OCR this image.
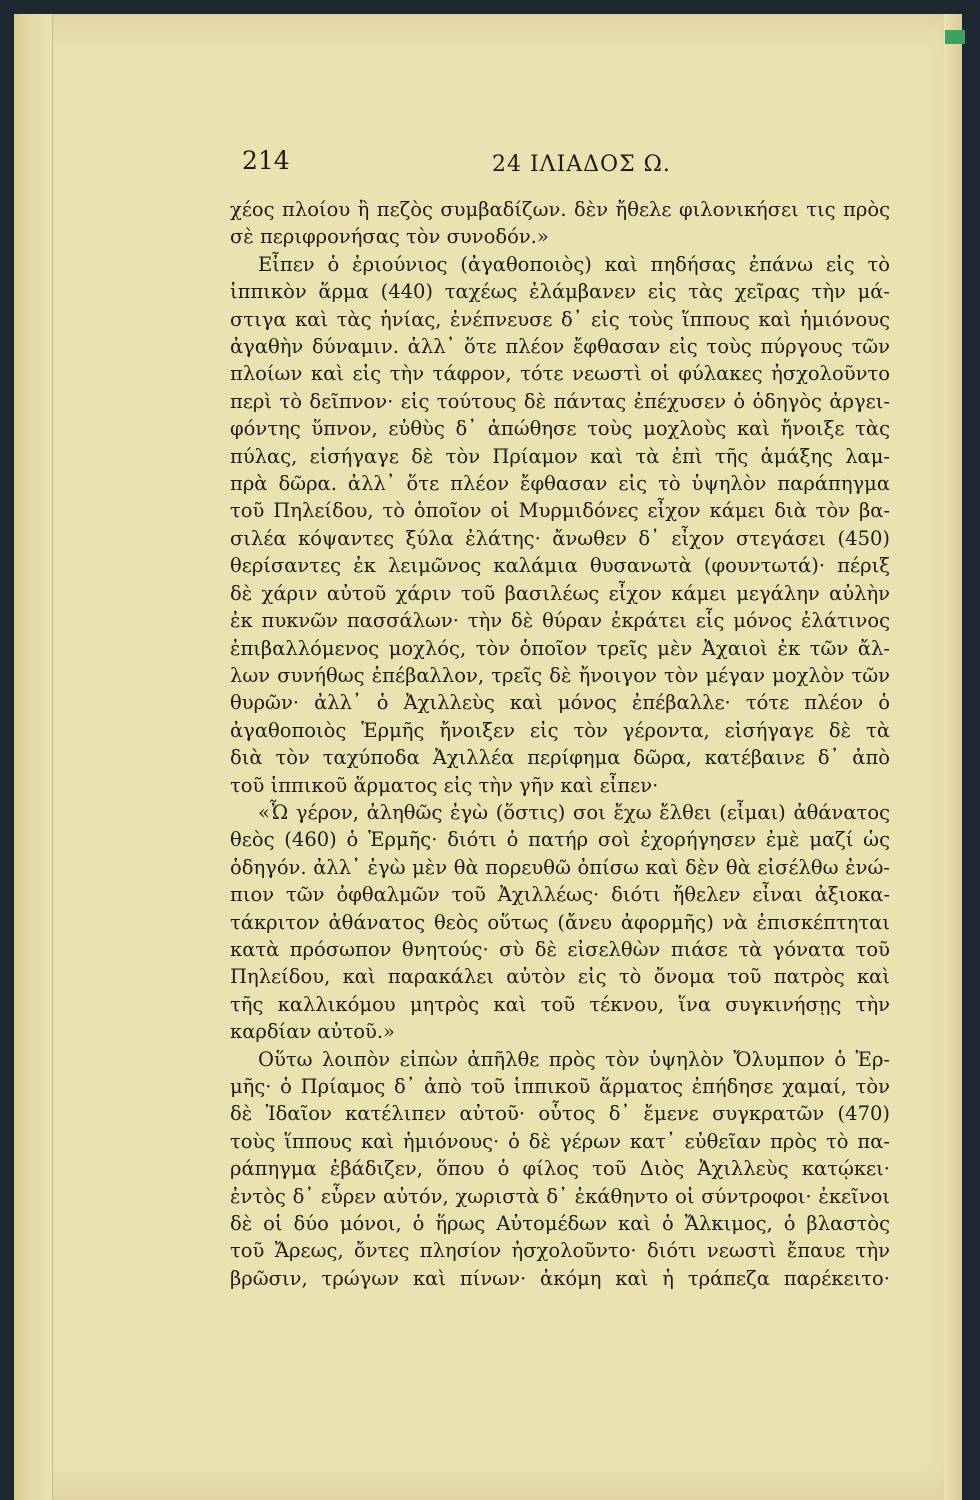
214	24 ΙΛΙΑΔΟΣ Ω.
χέος πλοίου ἢ πεζὸς συμβαδίζων. δὲν ἤθελε φιλονικήσει τις πρὸς
σὲ περιφρονήσας τὸν συνοδόν.»
Εἶπεν ὁ ἐριούνιος (ἀγαθοποιὸς) καὶ πηδήσας ἐπάνω εἰς τὸ
ἱππικὸν ἅρμα (440) ταχέως ἐλάμβανεν εἰς τὰς χεῖρας τὴν μά-
στιγα καὶ τὰς ἡνίας, ἐνέπνευσε δ᾽ εἰς τοὺς ἵππους καὶ ἡμιόνους
ἀγαθὴν δύναμιν. ἀλλ᾽ ὅτε πλέον ἔφθασαν εἰς τοὺς πύργους τῶν
πλοίων καὶ εἰς τὴν τάφρον, τότε νεωστὶ οἱ φύλακες ἠσχολοῦντο
περὶ τὸ δεῖπνον· εἰς τούτους δὲ πάντας ἐπέχυσεν ὁ ὁδηγὸς ἀργει-
φόντης ὕπνον, εὐθὺς δ᾽ ἀπώθησε τοὺς μοχλοὺς καὶ ἤνοιξε τὰς
πύλας, εἰσήγαγε δὲ τὸν Πρίαμον καὶ τὰ ἐπὶ τῆς ἁμάξης λαμ-
πρὰ δῶρα. ἀλλ᾽ ὅτε πλέον ἔφθασαν εἰς τὸ ὑψηλὸν παράπηγμα
τοῦ Πηλείδου, τὸ ὁποῖον οἱ Μυρμιδόνες εἶχον κάμει διὰ τὸν βα-
σιλέα κόψαντες ξύλα ἐλάτης· ἄνωθεν δ᾽ εἶχον στεγάσει (450)
θερίσαντες ἐκ λειμῶνος καλάμια θυσανωτὰ (φουντωτά)· πέριξ
δὲ χάριν αὐτοῦ χάριν τοῦ βασιλέως εἶχον κάμει μεγάλην αὐλὴν
ἐκ πυκνῶν πασσάλων· τὴν δὲ θύραν ἐκράτει εἷς μόνος ἐλάτινος
ἐπιβαλλόμενος μοχλός, τὸν ὁποῖον τρεῖς μὲν Ἀχαιοὶ ἐκ τῶν ἄλ-
λων συνήθως ἐπέβαλλον, τρεῖς δὲ ἤνοιγον τὸν μέγαν μοχλὸν τῶν
θυρῶν· ἀλλ᾽ ὁ Ἀχιλλεὺς καὶ μόνος ἐπέβαλλε· τότε πλέον ὁ
ἀγαθοποιὸς Ἑρμῆς ἤνοιξεν εἰς τὸν γέροντα, εἰσήγαγε δὲ τὰ
διὰ τὸν ταχύποδα Ἀχιλλέα περίφημα δῶρα, κατέβαινε δ᾽ ἀπὸ
τοῦ ἱππικοῦ ἅρματος εἰς τὴν γῆν καὶ εἶπεν·
«Ὦ γέρον, ἀληθῶς ἐγὼ (ὅστις) σοι ἔχω ἔλθει (εἶμαι) ἀθάνατος
θεὸς (460) ὁ Ἑρμῆς· διότι ὁ πατήρ σοὶ ἐχορήγησεν ἐμὲ μαζί ὡς
ὁδηγόν. ἀλλ᾽ ἐγὼ μὲν θὰ πορευθῶ ὀπίσω καὶ δὲν θὰ εἰσέλθω ἐνώ-
πιον τῶν ὀφθαλμῶν τοῦ Ἀχιλλέως· διότι ἤθελεν εἶναι ἀξιοκα-
τάκριτον ἀθάνατος θεὸς οὕτως (ἄνευ ἀφορμῆς) νὰ ἐπισκέπτηται
κατὰ πρόσωπον θνητούς· σὺ δὲ εἰσελθὼν πιάσε τὰ γόνατα τοῦ
Πηλείδου, καὶ παρακάλει αὐτὸν εἰς τὸ ὄνομα τοῦ πατρὸς καὶ
τῆς καλλικόμου μητρὸς καὶ τοῦ τέκνου, ἵνα συγκινήσῃς τὴν
καρδίαν αὐτοῦ.»
Οὕτω λοιπὸν εἰπὼν ἀπῆλθε πρὸς τὸν ὑψηλὸν Ὄλυμπον ὁ Ἑρ-
μῆς· ὁ Πρίαμος δ᾽ ἀπὸ τοῦ ἱππικοῦ ἅρματος ἐπήδησε χαμαί, τὸν
δὲ Ἰδαῖον κατέλιπεν αὐτοῦ· οὗτος δ᾽ ἔμενε συγκρατῶν (470)
τοὺς ἵππους καὶ ἡμιόνους· ὁ δὲ γέρων κατ᾽ εὐθεῖαν πρὸς τὸ πα-
ράπηγμα ἐβάδιζεν, ὅπου ὁ φίλος τοῦ Διὸς Ἀχιλλεὺς κατῴκει·
ἐντὸς δ᾽ εὗρεν αὐτόν, χωριστὰ δ᾽ ἐκάθηντο οἱ σύντροφοι· ἐκεῖνοι
δὲ οἱ δύο μόνοι, ὁ ἥρως Αὐτομέδων καὶ ὁ Ἄλκιμος, ὁ βλαστὸς
τοῦ Ἄρεως, ὄντες πλησίον ἠσχολοῦντο· διότι νεωστὶ ἔπαυε τὴν
βρῶσιν, τρώγων καὶ πίνων· ἀκόμη καὶ ἡ τράπεζα παρέκειτο·
